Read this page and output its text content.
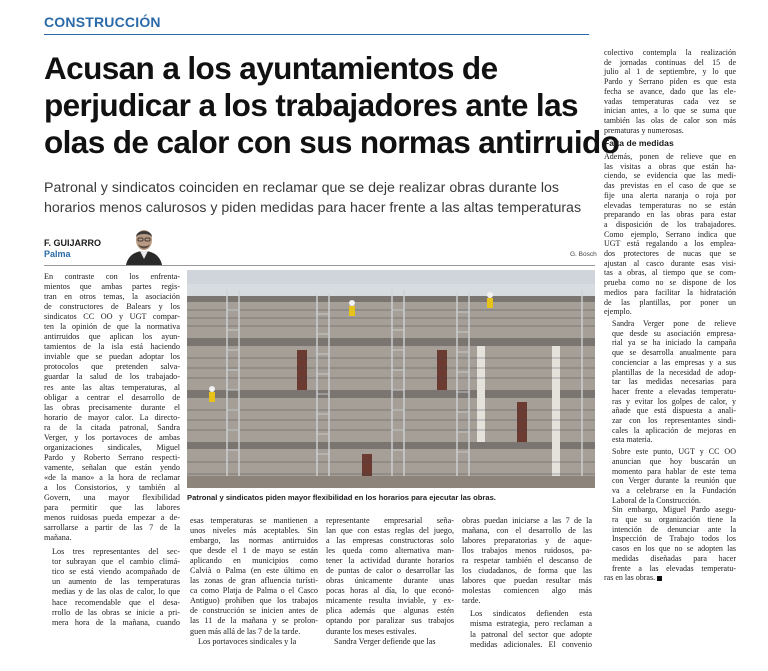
CONSTRUCCIÓN
Acusan a los ayuntamientos de
perjudicar a los trabajadores ante las
olas de calor con sus normas antirruido
Patronal y sindicatos coinciden en reclamar que se deje realizar obras durante los
horarios menos calurosos y piden medidas para hacer frente a las altas temperaturas
F. GUIJARRO
Palma	G. Bosch
Patronal y sindicatos piden mayor flexibilidad en los horarios para ejecutar las obras.

En contraste con los enfrenta-
mientos que ambas partes regis-
tran en otros temas, la asociación
de constructores de Balears y los
sindicatos CC OO y UGT compar-
ten la opinión de que la normativa
antirruidos que aplican los ayun-
tamientos de la isla está haciendo
inviable que se puedan adoptar los
protocolos que pretenden salva-
guardar la salud de los trabajado-
res ante las altas temperaturas, al
obligar a centrar el desarrollo de
las obras precisamente durante el
horario de mayor calor. La directo-
ra de la citada patronal, Sandra
Verger, y los portavoces de ambas
organizaciones sindicales, Miguel
Pardo y Roberto Serrano respecti-
vamente, señalan que están yendo
«de la mano» a la hora de reclamar
a los Consistorios, y también al
Govern, una mayor flexibilidad
para permitir que las labores
menos ruidosas pueda empezar a de-
sarrollarse a partir de las 7 de la
mañana.

Los tres representantes del sec-
tor subrayan que el cambio climá-
tico se está viendo acompañado de
un aumento de las temperaturas
medias y de las olas de calor, lo que
hace recomendable que el desa-
rrollo de las obras se inicie a pri-
mera hora de la mañana, cuando

esas temperaturas se mantienen a
unos niveles más aceptables. Sin
embargo, las normas antirruidos
que desde el 1 de mayo se están
aplicando en municipios como
Calvià o Palma (en este último en
las zonas de gran afluencia turísti-
ca como Platja de Palma o el Casco
Antiguo) prohiben que los trabajos
de construcción se inicien antes de
las 11 de la mañana y se prolon-
guen más allá de las 7 de la tarde.

Los portavoces sindicales y la

representante empresarial seña-
lan que con estas reglas del juego,
a las empresas constructoras solo
les queda como alternativa man-
tener la actividad durante horarios
de puntas de calor o desarrollar las
obras únicamente durante unas
pocas horas al día, lo que econó-
micamente resulta inviable, y ex-
plica además que algunas estén
optando por paralizar sus trabajos
durante los meses estivales.

Sandra Verger defiende que las

obras puedan iniciarse a las 7 de la
mañana, con el desarrollo de las
labores preparatorias y de aque-
llos trabajos menos ruidosos, pa-
ra respetar también el descanso de
los ciudadanos, de forma que las
labores que puedan resultar más
molestas comiencen algo más
tarde.

Los sindicatos defienden esta
misma estrategia, pero reclaman a
la patronal del sector que adopte
medidas adicionales. El convenio

colectivo contempla la realización
de jornadas continuas del 15 de
julio al 1 de septiembre, y lo que
Pardo y Serrano piden es que esta
fecha se avance, dado que las ele-
vadas temperaturas cada vez se
inician antes, a lo que se suma que
también las olas de calor son más
prematuras y numerosas.

Falta de medidas

Además, ponen de relieve que en
las visitas a obras que están ha-
ciendo, se evidencia que las medi-
das previstas en el caso de que se
fije una alerta naranja o roja por
elevadas temperaturas no se están
preparando en las obras para estar
a disposición de los trabajadores.
Como ejemplo, Serrano indica que
UGT está regalando a los emplea-
dos protectores de nucas que se
ajustan al casco durante esas visi-
tas a obras, al tiempo que se com-
prueba como no se dispone de los
medios para facilitar la hidratación
de las plantillas, por poner un
ejemplo.

Sandra Verger pone de relieve
que desde su asociación empresa-
rial ya se ha iniciado la campaña
que se desarrolla anualmente para
concienciar a las empresas y a sus
plantillas de la necesidad de adop-
tar las medidas necesarias para
hacer frente a elevadas temperatu-
ras y evitar los golpes de calor, y
añade que está dispuesta a anali-
zar con los representantes sindi-
cales la aplicación de mejoras en
esta materia.

Sobre este punto, UGT y CC OO
anuncian que hoy buscarán un
momento para hablar de este tema
con Verger durante la reunión que
va a celebrarse en la Fundación
Laboral de la Construcción.
Sin embargo, Miguel Pardo asegu-
ra que su organización tiene la
intención de denunciar ante la
Inspección de Trabajo todos los
casos en los que no se adopten las
medidas diseñadas para hacer
frente a las elevadas temperatu-
ras en las obras.
